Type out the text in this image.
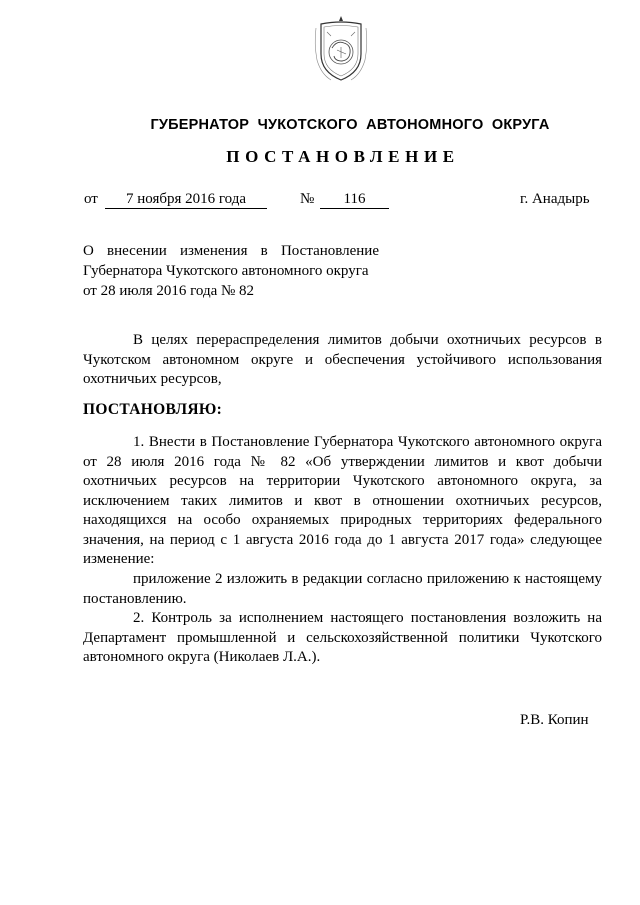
ГУБЕРНАТОР  ЧУКОТСКОГО  АВТОНОМНОГО  ОКРУГА
ПОСТАНОВЛЕНИЕ
от	7 ноября 2016 года	№	116	г. Анадырь
О внесении изменения в Постановление
Губернатора Чукотского автономного округа
от 28 июля 2016 года № 82
В целях перераспределения лимитов добычи охотничьих ресурсов в
Чукотском автономном округе и обеспечения устойчивого использования
охотничьих ресурсов,
ПОСТАНОВЛЯЮ:
1. Внести в Постановление Губернатора Чукотского автономного округа
от 28 июля 2016 года № 82 «Об утверждении лимитов и квот добычи
охотничьих ресурсов на территории Чукотского автономного округа, за
исключением таких лимитов и квот в отношении охотничьих ресурсов,
находящихся на особо охраняемых природных территориях федерального
значения, на период с 1 августа 2016 года до 1 августа 2017 года» следующее
изменение:
приложение 2 изложить в редакции согласно приложению к настоящему
постановлению.
2. Контроль за исполнением настоящего постановления возложить на
Департамент промышленной и сельскохозяйственной политики Чукотского
автономного округа (Николаев Л.А.).
Р.В. Копин
